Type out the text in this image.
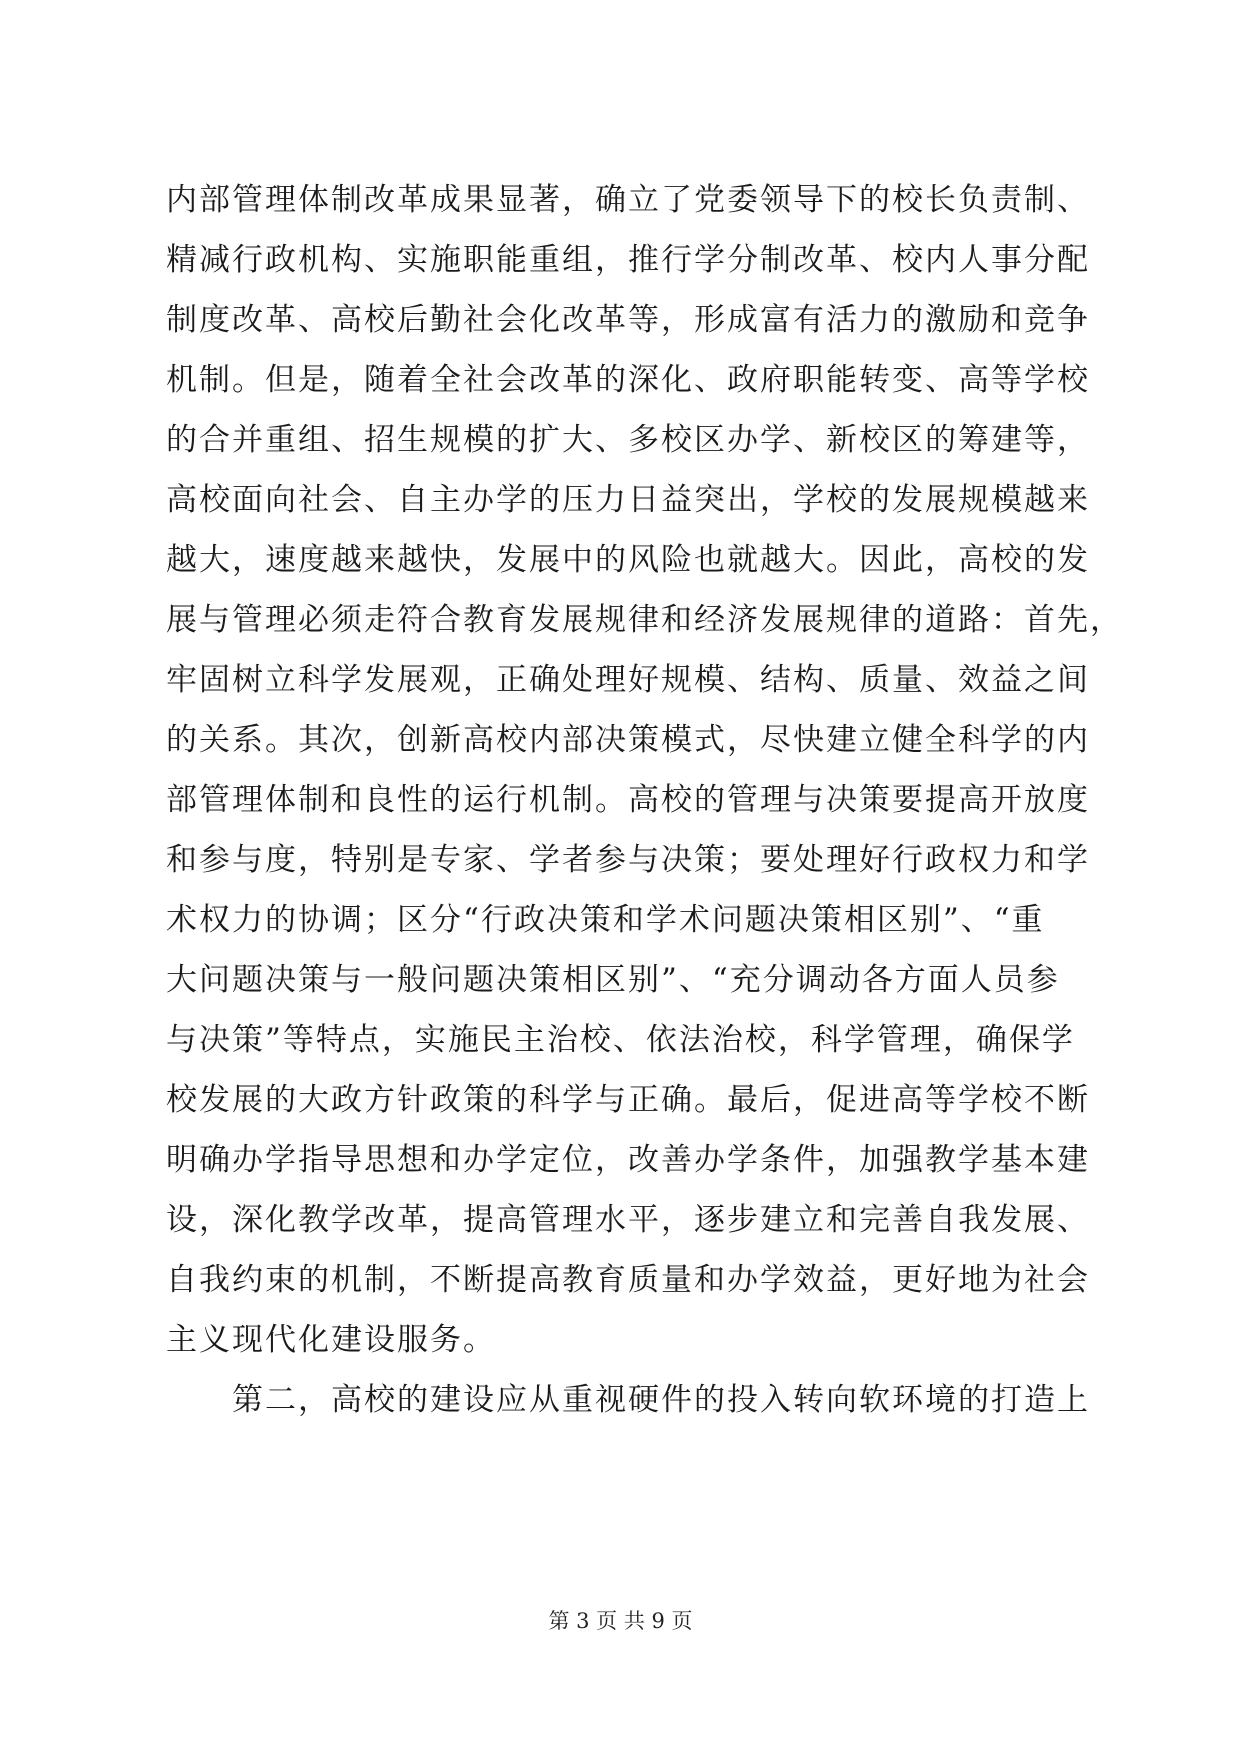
内部管理体制改革成果显著，确立了党委领导下的校长负责制、
精减行政机构、实施职能重组，推行学分制改革、校内人事分配
制度改革、高校后勤社会化改革等，形成富有活力的激励和竞争
机制。但是，随着全社会改革的深化、政府职能转变、高等学校
的合并重组、招生规模的扩大、多校区办学、新校区的筹建等，
高校面向社会、自主办学的压力日益突出，学校的发展规模越来
越大，速度越来越快，发展中的风险也就越大。因此，高校的发
展与管理必须走符合教育发展规律和经济发展规律的道路：首先，
牢固树立科学发展观，正确处理好规模、结构、质量、效益之间
的关系。其次，创新高校内部决策模式，尽快建立健全科学的内
部管理体制和良性的运行机制。高校的管理与决策要提高开放度
和参与度，特别是专家、学者参与决策；要处理好行政权力和学
术权力的协调；区分“行政决策和学术问题决策相区别”、“重
大问题决策与一般问题决策相区别”、“充分调动各方面人员参
与决策”等特点，实施民主治校、依法治校，科学管理，确保学
校发展的大政方针政策的科学与正确。最后，促进高等学校不断
明确办学指导思想和办学定位，改善办学条件，加强教学基本建
设，深化教学改革，提高管理水平，逐步建立和完善自我发展、
自我约束的机制，不断提高教育质量和办学效益，更好地为社会
主义现代化建设服务。
第二，高校的建设应从重视硬件的投入转向软环境的打造上
第 3 页 共 9 页
